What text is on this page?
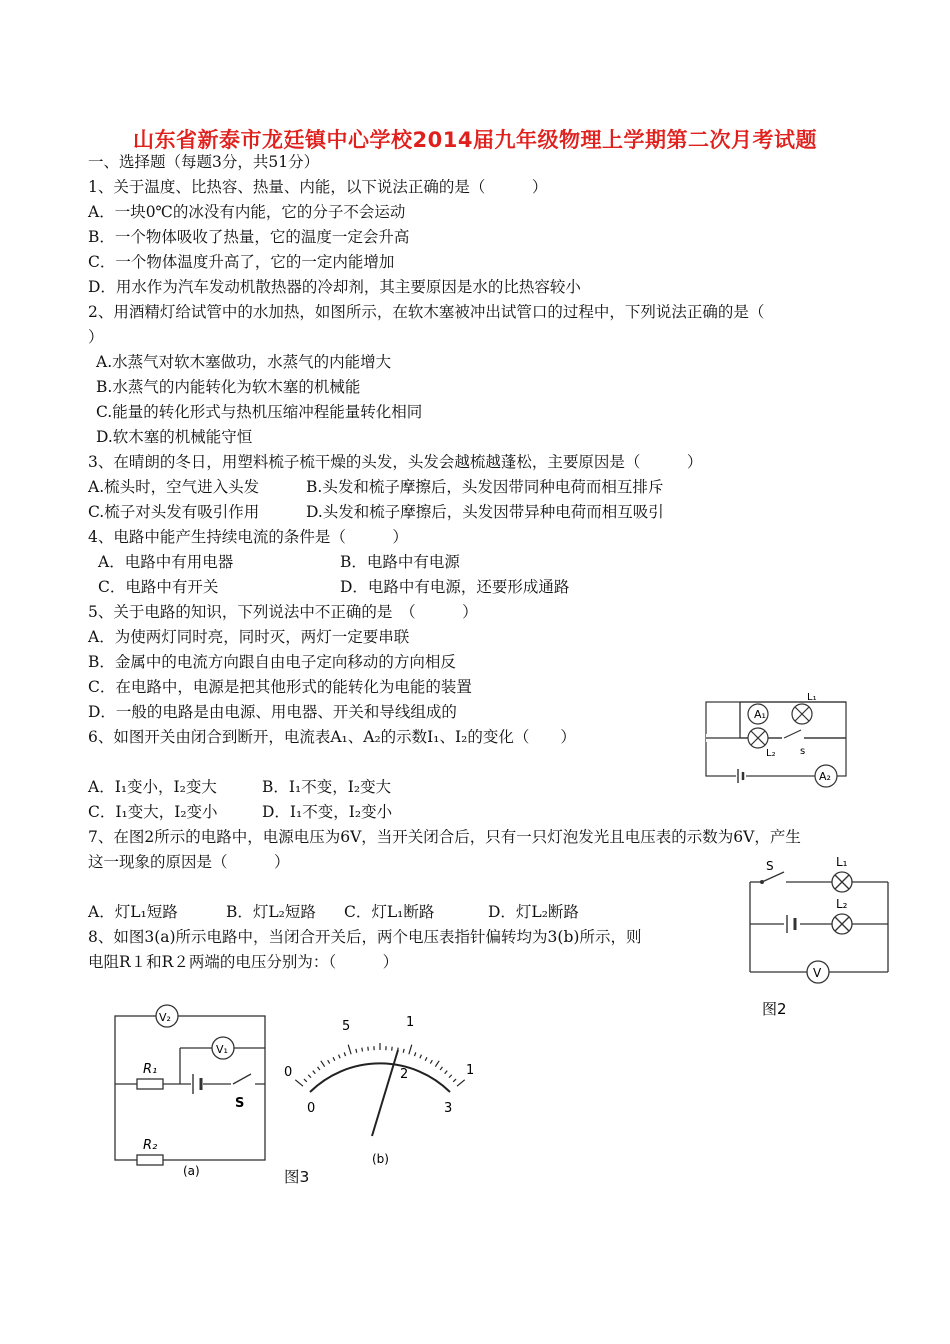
山东省新泰市龙廷镇中心学校2014届九年级物理上学期第二次月考试题
一、选择题（每题3分，共51分）
1、关于温度、比热容、热量、内能，以下说法正确的是（　　　）
A．一块0℃的冰没有内能，它的分子不会运动
B．一个物体吸收了热量，它的温度一定会升高
C．一个物体温度升高了，它的一定内能增加
D．用水作为汽车发动机散热器的冷却剂，其主要原因是水的比热容较小
2、用酒精灯给试管中的水加热，如图所示，在软木塞被冲出试管口的过程中，下列说法正确的是（
）
A.水蒸气对软木塞做功，水蒸气的内能增大
B.水蒸气的内能转化为软木塞的机械能
C.能量的转化形式与热机压缩冲程能量转化相同
D.软木塞的机械能守恒
3、在晴朗的冬日，用塑料梳子梳干燥的头发，头发会越梳越蓬松，主要原因是（　　　）
A.梳头时，空气进入头发	B.头发和梳子摩擦后，头发因带同种电荷而相互排斥
C.梳子对头发有吸引作用	D.头发和梳子摩擦后，头发因带异种电荷而相互吸引
4、电路中能产生持续电流的条件是（　　　）
A．电路中有用电器	B．电路中有电源
C．电路中有开关	D．电路中有电源，还要形成通路
5、关于电路的知识，下列说法中不正确的是　（　　　）
A．为使两灯同时亮，同时灭，两灯一定要串联
B．金属中的电流方向跟自由电子定向移动的方向相反
C．在电路中，电源是把其他形式的能转化为电能的装置
D．一般的电路是由电源、用电器、开关和导线组成的
6、如图开关由闭合到断开，电流表A₁、A₂的示数I₁、I₂的变化（　　）
A．I₁变小，I₂变大	B．I₁不变，I₂变大
C．I₁变大，I₂变小	D．I₁不变，I₂变小
7、在图2所示的电路中，电源电压为6V，当开关闭合后，只有一只灯泡发光且电压表的示数为6V，产生
这一现象的原因是（　　　）
A．灯L₁短路	B．灯L₂短路 C．灯L₁断路	D．灯L₂断路
8、如图3(a)所示电路中，当闭合开关后，两个电压表指针偏转均为3(b)所示，则
电阻R１和R２两端的电压分别为：（　　　）
A₁
L₁
L₂ s
A₂
S	L₁
L₂
V
图2
V₂
V₁
R₁
R₂
S
(a)
0
5	1
1
0
2
3
(b)
图3
